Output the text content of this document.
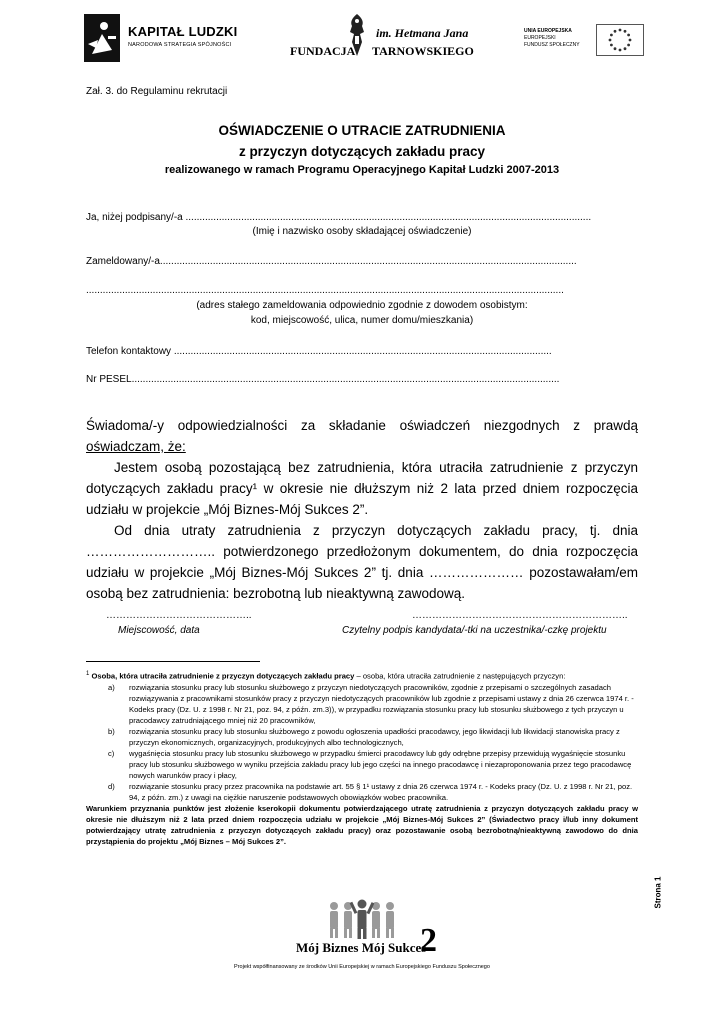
KAPITAŁ LUDZKI
NARODOWA STRATEGIA SPÓJNOŚCI	FUNDACJA
im. Hetmana Jana
TARNOWSKIEGO
UNIA EUROPEJSKA
EUROPEJSKI
FUNDUSZ SPOŁECZNY
Zał. 3. do Regulaminu rekrutacji
OŚWIADCZENIE O UTRACIE ZATRUDNIENIA
z przyczyn dotyczących zakładu pracy
realizowanego w ramach Programu Operacyjnego Kapitał Ludzki 2007-2013
Ja, niżej podpisany/-a ..................................................................................................................................................
(Imię i nazwisko osoby składającej oświadczenie)
Zameldowany/-a......................................................................................................................................................
............................................................................................................................................................................
(adres stałego zameldowania odpowiednio zgodnie z dowodem osobistym:
kod, miejscowość, ulica, numer domu/mieszkania)
Telefon kontaktowy ........................................................................................................................................
Nr PESEL..........................................................................................................................................................
Świadoma/-y odpowiedzialności za składanie oświadczeń niezgodnych z prawdą
oświadczam, że:
Jestem osobą pozostającą bez zatrudnienia, która utraciła zatrudnienie z przyczyn dotyczących zakładu pracy¹ w okresie nie dłuższym niż 2 lata przed dniem rozpoczęcia udziału w projekcie „Mój Biznes-Mój Sukces 2”.
Od dnia utraty zatrudnienia z przyczyn dotyczących zakładu pracy, tj. dnia ……………………….. potwierdzonego przedłożonym dokumentem, do dnia rozpoczęcia udziału w projekcie „Mój Biznes-Mój Sukces 2” tj. dnia ………………… pozostawałam/em osobą bez zatrudnienia: bezrobotną lub nieaktywną zawodową.
……………………………………..
Miejscowość, data
………………………………………………………..
Czytelny podpis kandydata/-tki na uczestnika/-czkę projektu
$^1$ Osoba, która utraciła zatrudnienie z przyczyn dotyczących zakładu pracy – osoba, która utraciła zatrudnienie z następujących przyczyn:
a) rozwiązania stosunku pracy lub stosunku służbowego z przyczyn niedotyczących pracowników, zgodnie z przepisami o szczególnych zasadach rozwiązywania z pracownikami stosunków pracy z przyczyn niedotyczących pracowników lub zgodnie z przepisami ustawy z dnia 26 czerwca 1974 r. - Kodeks pracy (Dz. U. z 1998 r. Nr 21, poz. 94, z późn. zm.3)), w przypadku rozwiązania stosunku pracy lub stosunku służbowego z tych przyczyn u pracodawcy zatrudniającego mniej niż 20 pracowników,
b) rozwiązania stosunku pracy lub stosunku służbowego z powodu ogłoszenia upadłości pracodawcy, jego likwidacji lub likwidacji stanowiska pracy z przyczyn ekonomicznych, organizacyjnych, produkcyjnych albo technologicznych,
c) wygaśnięcia stosunku pracy lub stosunku służbowego w przypadku śmierci pracodawcy lub gdy odrębne przepisy przewidują wygaśnięcie stosunku pracy lub stosunku służbowego w wyniku przejścia zakładu pracy lub jego części na innego pracodawcę i niezaproponowania przez tego pracodawcę nowych warunków pracy i płacy,
d) rozwiązanie stosunku pracy przez pracownika na podstawie art. 55 § 1¹ ustawy z dnia 26 czerwca 1974 r. - Kodeks pracy (Dz. U. z 1998 r. Nr 21, poz. 94, z późn. zm.) z uwagi na ciężkie naruszenie podstawowych obowiązków wobec pracownika.
Warunkiem przyznania punktów jest złożenie kserokopii dokumentu potwierdzającego utratę zatrudnienia z przyczyn dotyczących zakładu pracy w okresie nie dłuższym niż 2 lata przed dniem rozpoczęcia udziału w projekcie „Mój Biznes-Mój Sukces 2” (Świadectwo pracy i/lub inny dokument potwierdzający utratę zatrudnienia z przyczyn dotyczących zakładu pracy) oraz pozostawanie osobą bezrobotną/nieaktywną zawodowo do dnia przystąpienia do projektu „Mój Biznes – Mój Sukces 2”.
Strona 1
Mój Biznes Mój Sukces
2
Projekt współfinansowany ze środków Unii Europejskiej w ramach Europejskiego Funduszu Społecznego
